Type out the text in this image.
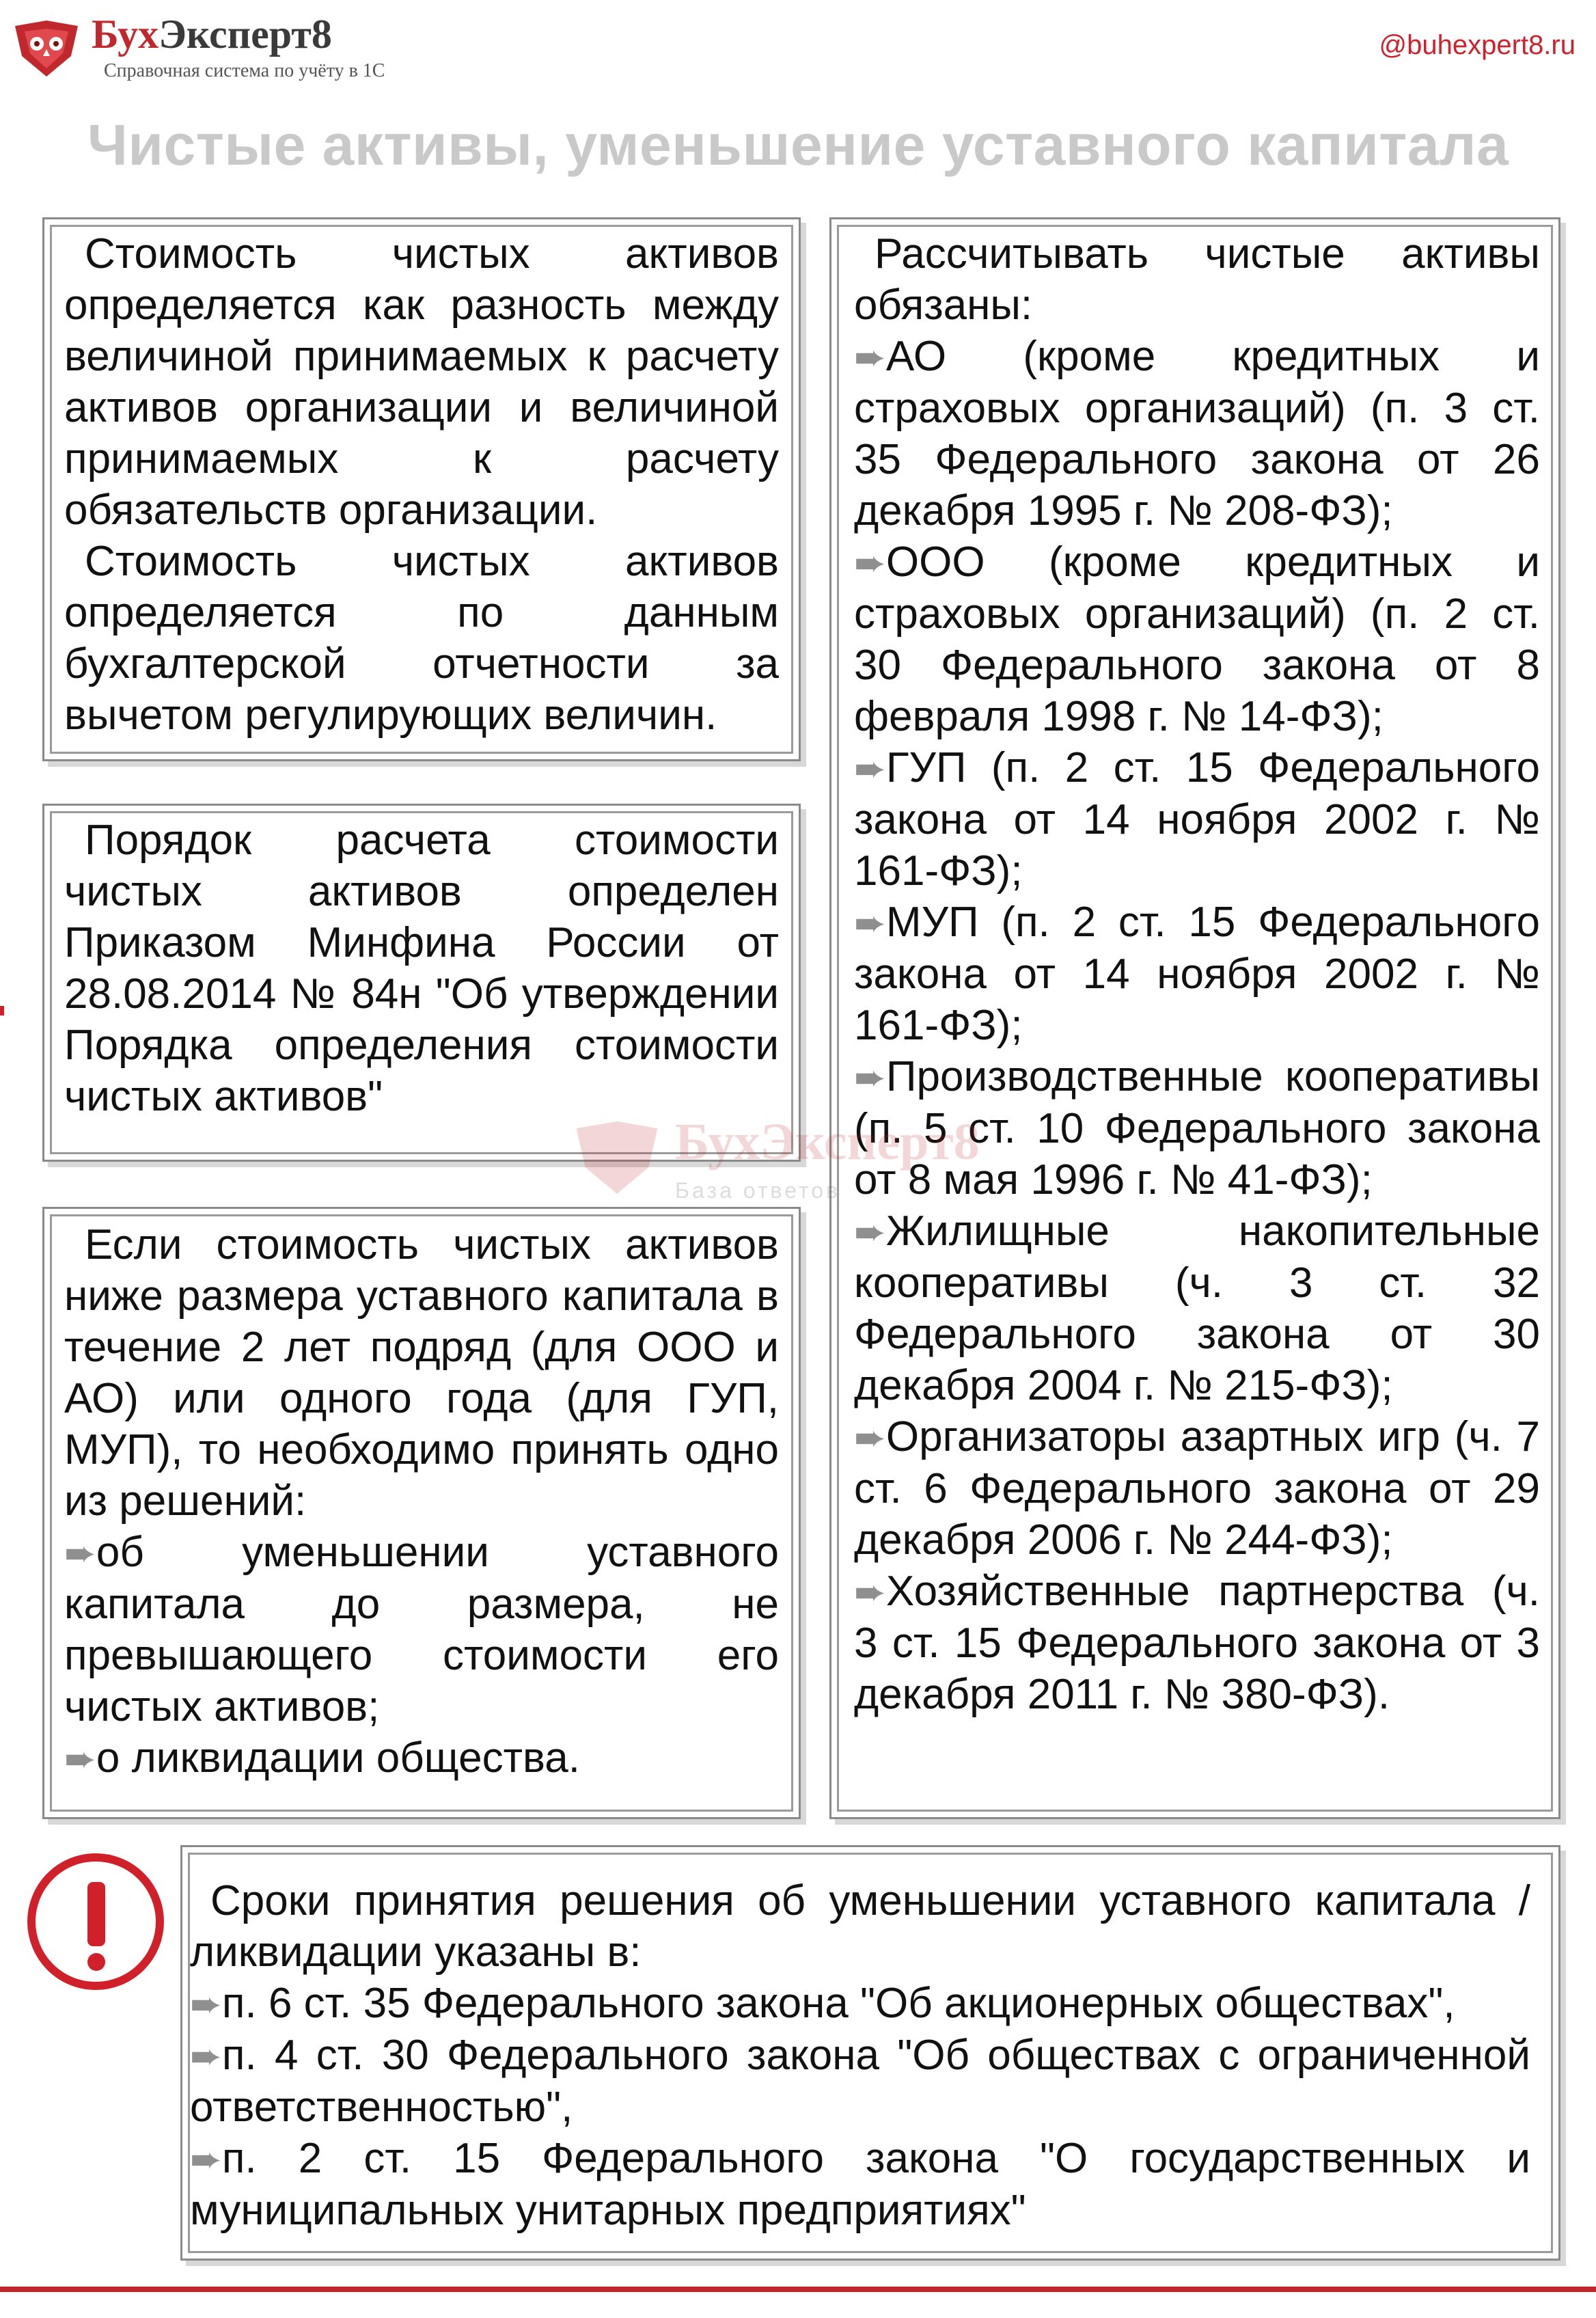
БухЭксперт8
Справочная система по учёту в 1С
@buhexpert8.ru
Чистые активы, уменьшение уставного капитала

Стоимость чистых активов определяется как разность между величиной принимаемых к расчету активов организации и величиной принимаемых к расчету обязательств организации.

Стоимость чистых активов определяется по данным бухгалтерской отчетности за вычетом регулирующих величин.

Порядок расчета стоимости чистых активов определен Приказом Минфина России от 28.08.2014 № 84н "Об утверждении Порядка определения стоимости чистых активов"

Если стоимость чистых активов ниже размера уставного капитала в течение 2 лет подряд (для ООО и АО) или одного года (для ГУП, МУП), то необходимо принять одно из решений:

➨об уменьшении уставного капитала до размера, не превышающего стоимости его чистых активов;

➨о ликвидации общества.

Рассчитывать чистые активы обязаны:

➨АО (кроме кредитных и страховых организаций) (п. 3 ст. 35 Федерального закона от 26 декабря 1995 г. № 208-ФЗ);

➨ООО (кроме кредитных и страховых организаций) (п. 2 ст. 30 Федерального закона от 8 февраля 1998 г. № 14-ФЗ);

➨ГУП (п. 2 ст. 15 Федерального закона от 14 ноября 2002 г. № 161-ФЗ);

➨МУП (п. 2 ст. 15 Федерального закона от 14 ноября 2002 г. № 161-ФЗ);

➨Производственные кооперативы (п. 5 ст. 10 Федерального закона от 8 мая 1996 г. № 41-ФЗ);

➨Жилищные накопительные кооперативы (ч. 3 ст. 32 Федерального закона от 30 декабря 2004 г. № 215-ФЗ);

➨Организаторы азартных игр (ч. 7 ст. 6 Федерального закона от 29 декабря 2006 г. № 244-ФЗ);

➨Хозяйственные партнерства (ч. 3 ст. 15 Федерального закона от 3 декабря 2011 г. № 380-ФЗ).

БухЭксперт8
База ответов

Сроки принятия решения об уменьшении уставного капитала / ликвидации указаны в:

➨п. 6 ст. 35 Федерального закона "Об акционерных обществах",

➨п. 4 ст. 30 Федерального закона "Об обществах с ограниченной ответственностью",

➨п. 2 ст. 15 Федерального закона "О государственных и муниципальных унитарных предприятиях"
